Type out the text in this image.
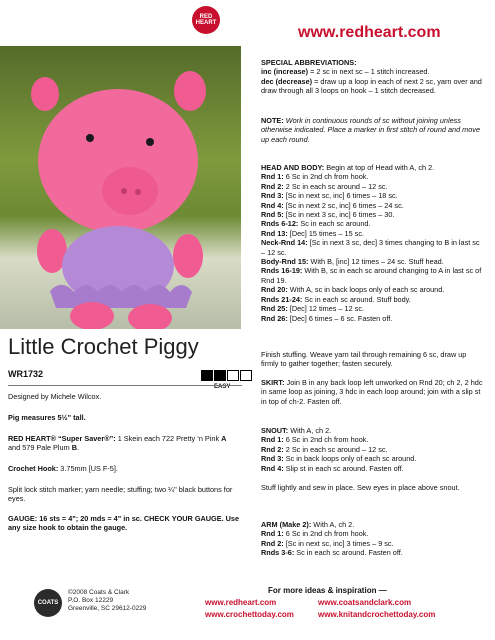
RED HEART
www.redheart.com
Little Crochet Piggy
WR1732
EASY
Designed by Michele Wilcox.
Pig measures 5½" tall.
RED HEART® “Super Saver®”: 1 Skein each 722 Pretty ‘n Pink A and 579 Pale Plum B.
Crochet Hook: 3.75mm [US F-5].
Split lock stitch marker; yarn needle; stuffing; two ¼" black buttons for eyes.
GAUGE: 16 sts = 4"; 20 mds = 4" in sc. CHECK YOUR GAUGE. Use any size hook to obtain the gauge.
SPECIAL ABBREVIATIONS:
inc (increase) = 2 sc in next sc – 1 stitch increased.
dec (decrease) = draw up a loop in each of next 2 sc, yarn over and draw through all 3 loops on hook – 1 stitch decreased.
NOTE: Work in continuous rounds of sc without joining unless otherwise indicated. Place a marker in first stitch of round and move up each round.
HEAD AND BODY: Begin at top of Head with A, ch 2.
Rnd 1: 6 Sc in 2nd ch from hook.
Rnd 2: 2 Sc in each sc around – 12 sc.
Rnd 3: [Sc in next sc, inc] 6 times – 18 sc.
Rnd 4: [Sc in next 2 sc, inc] 6 times – 24 sc.
Rnd 5: [Sc in next 3 sc, inc] 6 times – 30.
Rnds 6-12: Sc in each sc around.
Rnd 13: [Dec] 15 times – 15 sc.
Neck-Rnd 14: [Sc in next 3 sc, dec] 3 times changing to B in last sc – 12 sc.
Body-Rnd 15: With B, [inc] 12 times – 24 sc. Stuff head.
Rnds 16-19: With B, sc in each sc around changing to A in last sc of Rnd 19.
Rnd 20: With A, sc in back loops only of each sc around.
Rnds 21-24: Sc in each sc around. Stuff body.
Rnd 25: [Dec] 12 times – 12 sc.
Rnd 26: [Dec] 6 times – 6 sc. Fasten off.
Finish stuffing. Weave yarn tail through remaining 6 sc, draw up firmly to gather together; fasten securely.
SKIRT: Join B in any back loop left unworked on Rnd 20; ch 2, 2 hdc in same loop as joining, 3 hdc in each loop around; join with a slip st in top of ch-2. Fasten off.
SNOUT: With A, ch 2.
Rnd 1: 6 Sc in 2nd ch from hook.
Rnd 2: 2 Sc in each sc around – 12 sc.
Rnd 3: Sc in back loops only of each sc around.
Rnd 4: Slip st in each sc around. Fasten off.
Stuff lightly and sew in place. Sew eyes in place above snout.
ARM (Make 2): With A, ch 2.
Rnd 1: 6 Sc in 2nd ch from hook.
Rnd 2: [Sc in next sc, inc] 3 times – 9 sc.
Rnds 3-6: Sc in each sc around. Fasten off.
COATS
©2008 Coats & Clark
P.O. Box 12229
Greenville, SC 29612-0229
For more ideas & inspiration —
www.redheart.com
www.crochettoday.com
www.coatsandclark.com
www.knitandcrochettoday.com
